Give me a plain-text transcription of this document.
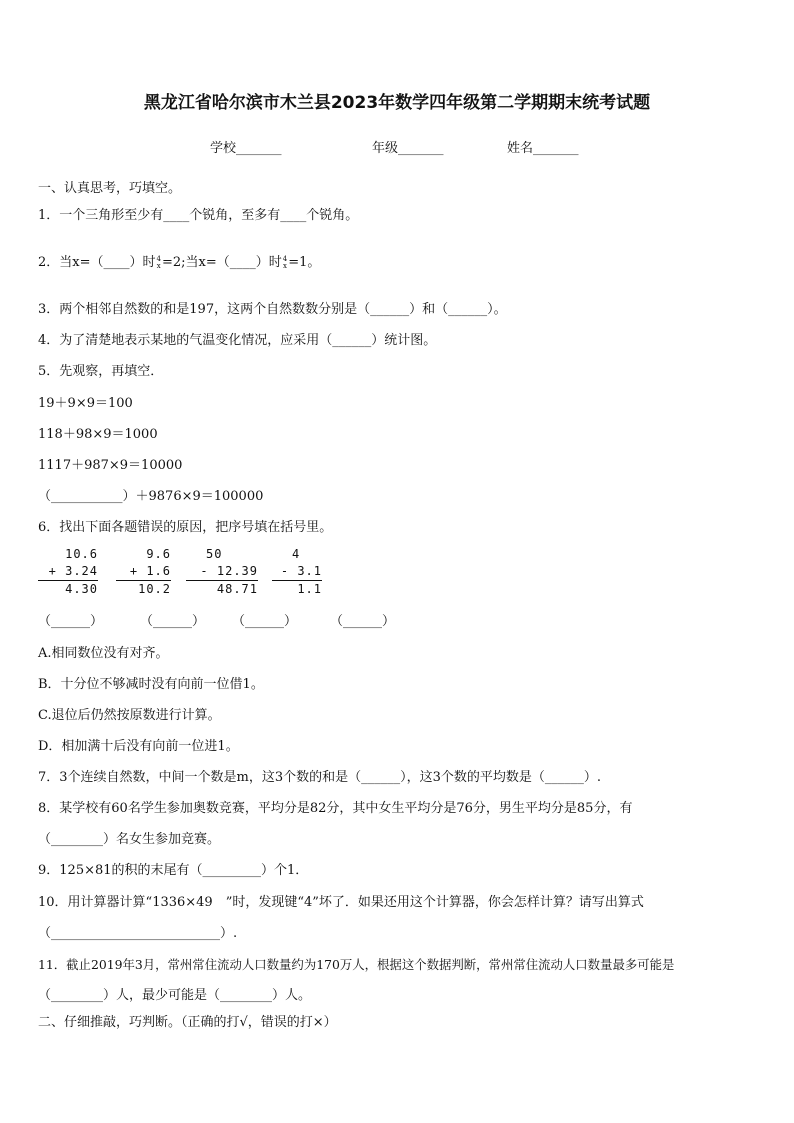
黑龙江省哈尔滨市木兰县2023年数学四年级第二学期期末统考试题
学校_______	年级_______	姓名_______
一、认真思考，巧填空。
1．一个三角形至少有____个锐角，至多有____个锐角。
2．当x=（____）时 4
x =2;当x=（____）时 4
x =1。
3．两个相邻自然数的和是197，这两个自然数数分别是（______）和（______）。
4．为了清楚地表示某地的气温变化情况，应采用（______）统计图。
5．先观察，再填空．
19＋9×9＝100
118＋98×9＝1000
1117＋987×9＝10000
（___________）＋9876×9＝100000
6．找出下面各题错误的原因，把序号填在括号里。
10.6
+ 3.24
4.30
9.6
+ 1.6
10.2
50
- 12.39
48.71
4
- 3.1
1.1
（______）	（______） （______）	（______）
A.相同数位没有对齐。
B．十分位不够减时没有向前一位借1。
C.退位后仍然按原数进行计算。
D．相加满十后没有向前一位进1。
7．3个连续自然数，中间一个数是m，这3个数的和是（______），这3个数的平均数是（______）.
8．某学校有60名学生参加奥数竞赛，平均分是82分，其中女生平均分是76分，男生平均分是85分，有
（________）名女生参加竞赛。
9．125×81的积的末尾有（_________）个1．
10．用计算器计算“1336×49　”时，发现键“4”坏了．如果还用这个计算器，你会怎样计算？请写出算式
（__________________________）.
11．截止2019年3月，常州常住流动人口数量约为170万人，根据这个数据判断，常州常住流动人口数量最多可能是
（________）人，最少可能是（________）人。
二、仔细推敲，巧判断。（正确的打√，错误的打×）
